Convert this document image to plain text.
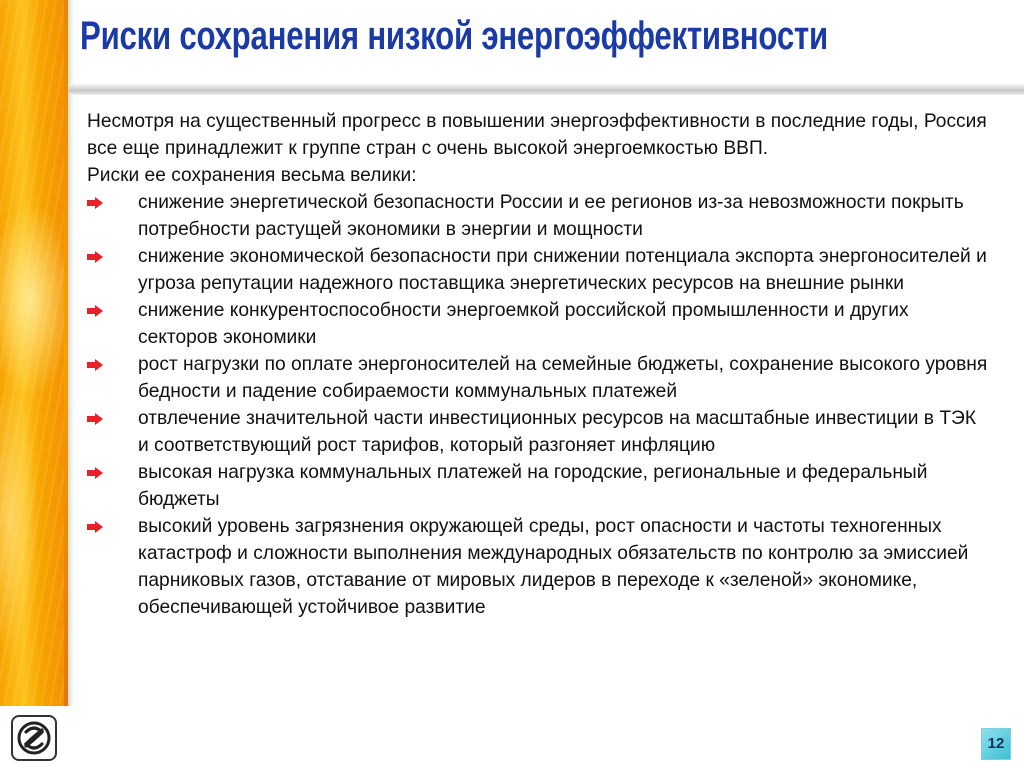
Риски сохранения низкой энергоэффективности

Несмотря на существенный прогресс в повышении энергоэффективности в последние годы, Россия все еще принадлежит к группе стран с очень высокой энергоемкостью ВВП.

Риски ее сохранения весьма велики:

снижение энергетической безопасности России и ее регионов из-за невозможности покрыть потребности растущей экономики в энергии и мощности
снижение экономической безопасности при снижении потенциала экспорта энергоносителей и угроза репутации надежного поставщика энергетических ресурсов на внешние рынки
снижение конкурентоспособности энергоемкой российской промышленности и других секторов экономики
рост нагрузки по оплате энергоносителей на семейные бюджеты, сохранение высокого уровня бедности и падение собираемости коммунальных платежей
отвлечение значительной части инвестиционных ресурсов на масштабные инвестиции в ТЭК и соответствующий рост тарифов, который разгоняет инфляцию
высокая нагрузка коммунальных платежей на городские, региональные и федеральный бюджеты
высокий уровень загрязнения окружающей среды, рост опасности и частоты техногенных катастроф и сложности выполнения международных обязательств по контролю за эмиссией парниковых газов, отставание от мировых лидеров в переходе к «зеленой» экономике, обеспечивающей устойчивое развитие
12
